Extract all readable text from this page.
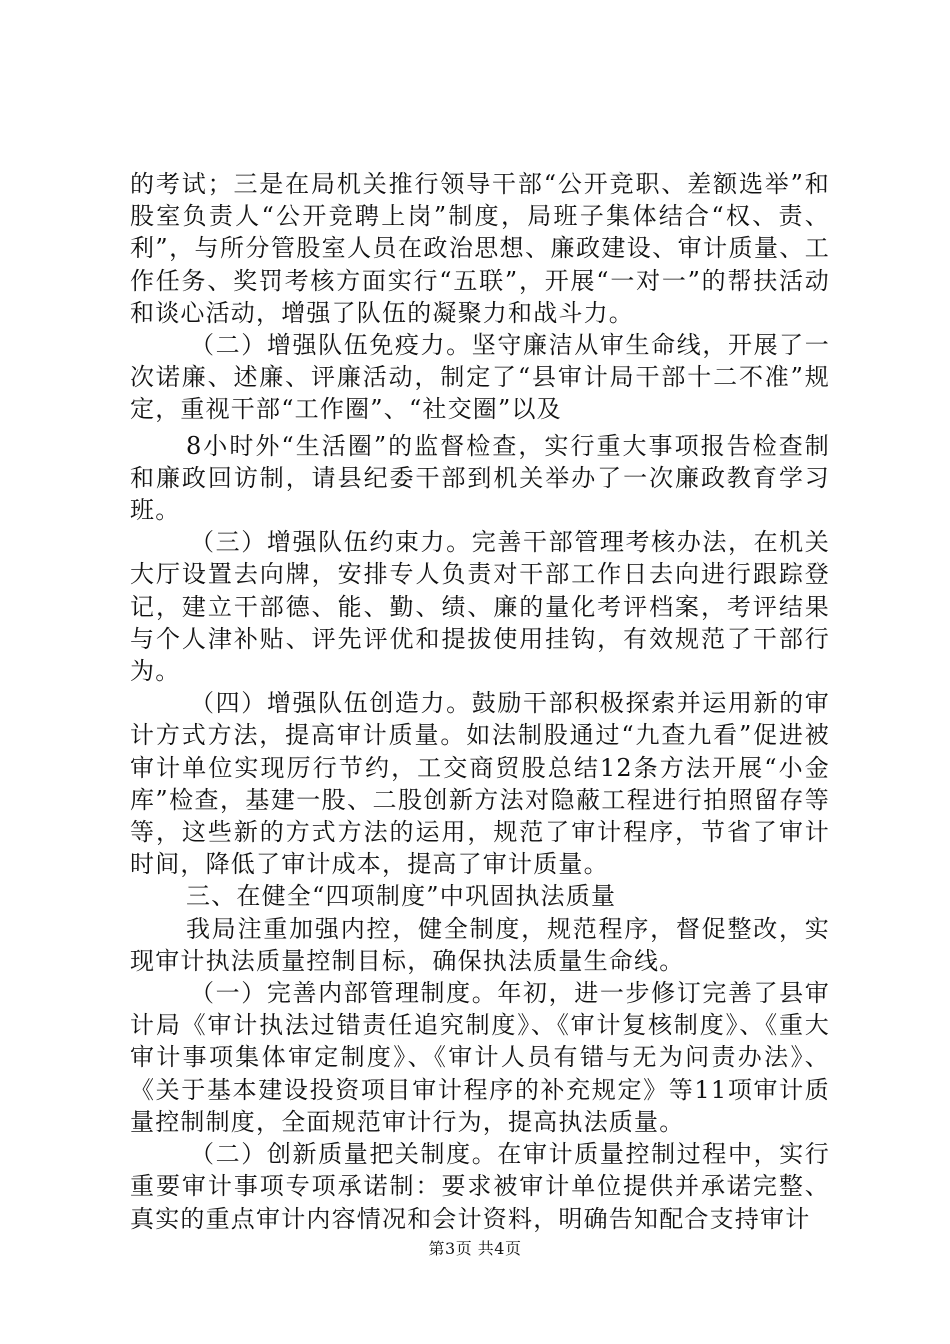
的考试；三是在局机关推行领导干部“公开竞职、差额选举”和股室负责人“公开竞聘上岗”制度，局班子集体结合“权、责、利”，与所分管股室人员在政治思想、廉政建设、审计质量、工作任务、奖罚考核方面实行“五联”，开展“一对一”的帮扶活动和谈心活动，增强了队伍的凝聚力和战斗力。

（二）增强队伍免疫力。坚守廉洁从审生命线，开展了一次诺廉、述廉、评廉活动，制定了“县审计局干部十二不准”规定，重视干部“工作圈”、“社交圈”以及

8小时外“生活圈”的监督检查，实行重大事项报告检查制和廉政回访制，请县纪委干部到机关举办了一次廉政教育学习班。

（三）增强队伍约束力。完善干部管理考核办法，在机关大厅设置去向牌，安排专人负责对干部工作日去向进行跟踪登记，建立干部德、能、勤、绩、廉的量化考评档案，考评结果与个人津补贴、评先评优和提拔使用挂钩，有效规范了干部行为。

（四）增强队伍创造力。鼓励干部积极探索并运用新的审计方式方法，提高审计质量。如法制股通过“九查九看”促进被审计单位实现厉行节约，工交商贸股总结12条方法开展“小金库”检查，基建一股、二股创新方法对隐蔽工程进行拍照留存等等，这些新的方式方法的运用，规范了审计程序，节省了审计时间，降低了审计成本，提高了审计质量。

三、在健全“四项制度”中巩固执法质量

我局注重加强内控，健全制度，规范程序，督促整改，实现审计执法质量控制目标，确保执法质量生命线。

（一）完善内部管理制度。年初，进一步修订完善了县审计局《审计执法过错责任追究制度》、《审计复核制度》、《重大审计事项集体审定制度》、《审计人员有错与无为问责办法》、《关于基本建设投资项目审计程序的补充规定》等11项审计质量控制制度，全面规范审计行为，提高执法质量。

（二）创新质量把关制度。在审计质量控制过程中，实行重要审计事项专项承诺制：要求被审计单位提供并承诺完整、真实的重点审计内容情况和会计资料，明确告知配合支持审计

第3页 共4页
